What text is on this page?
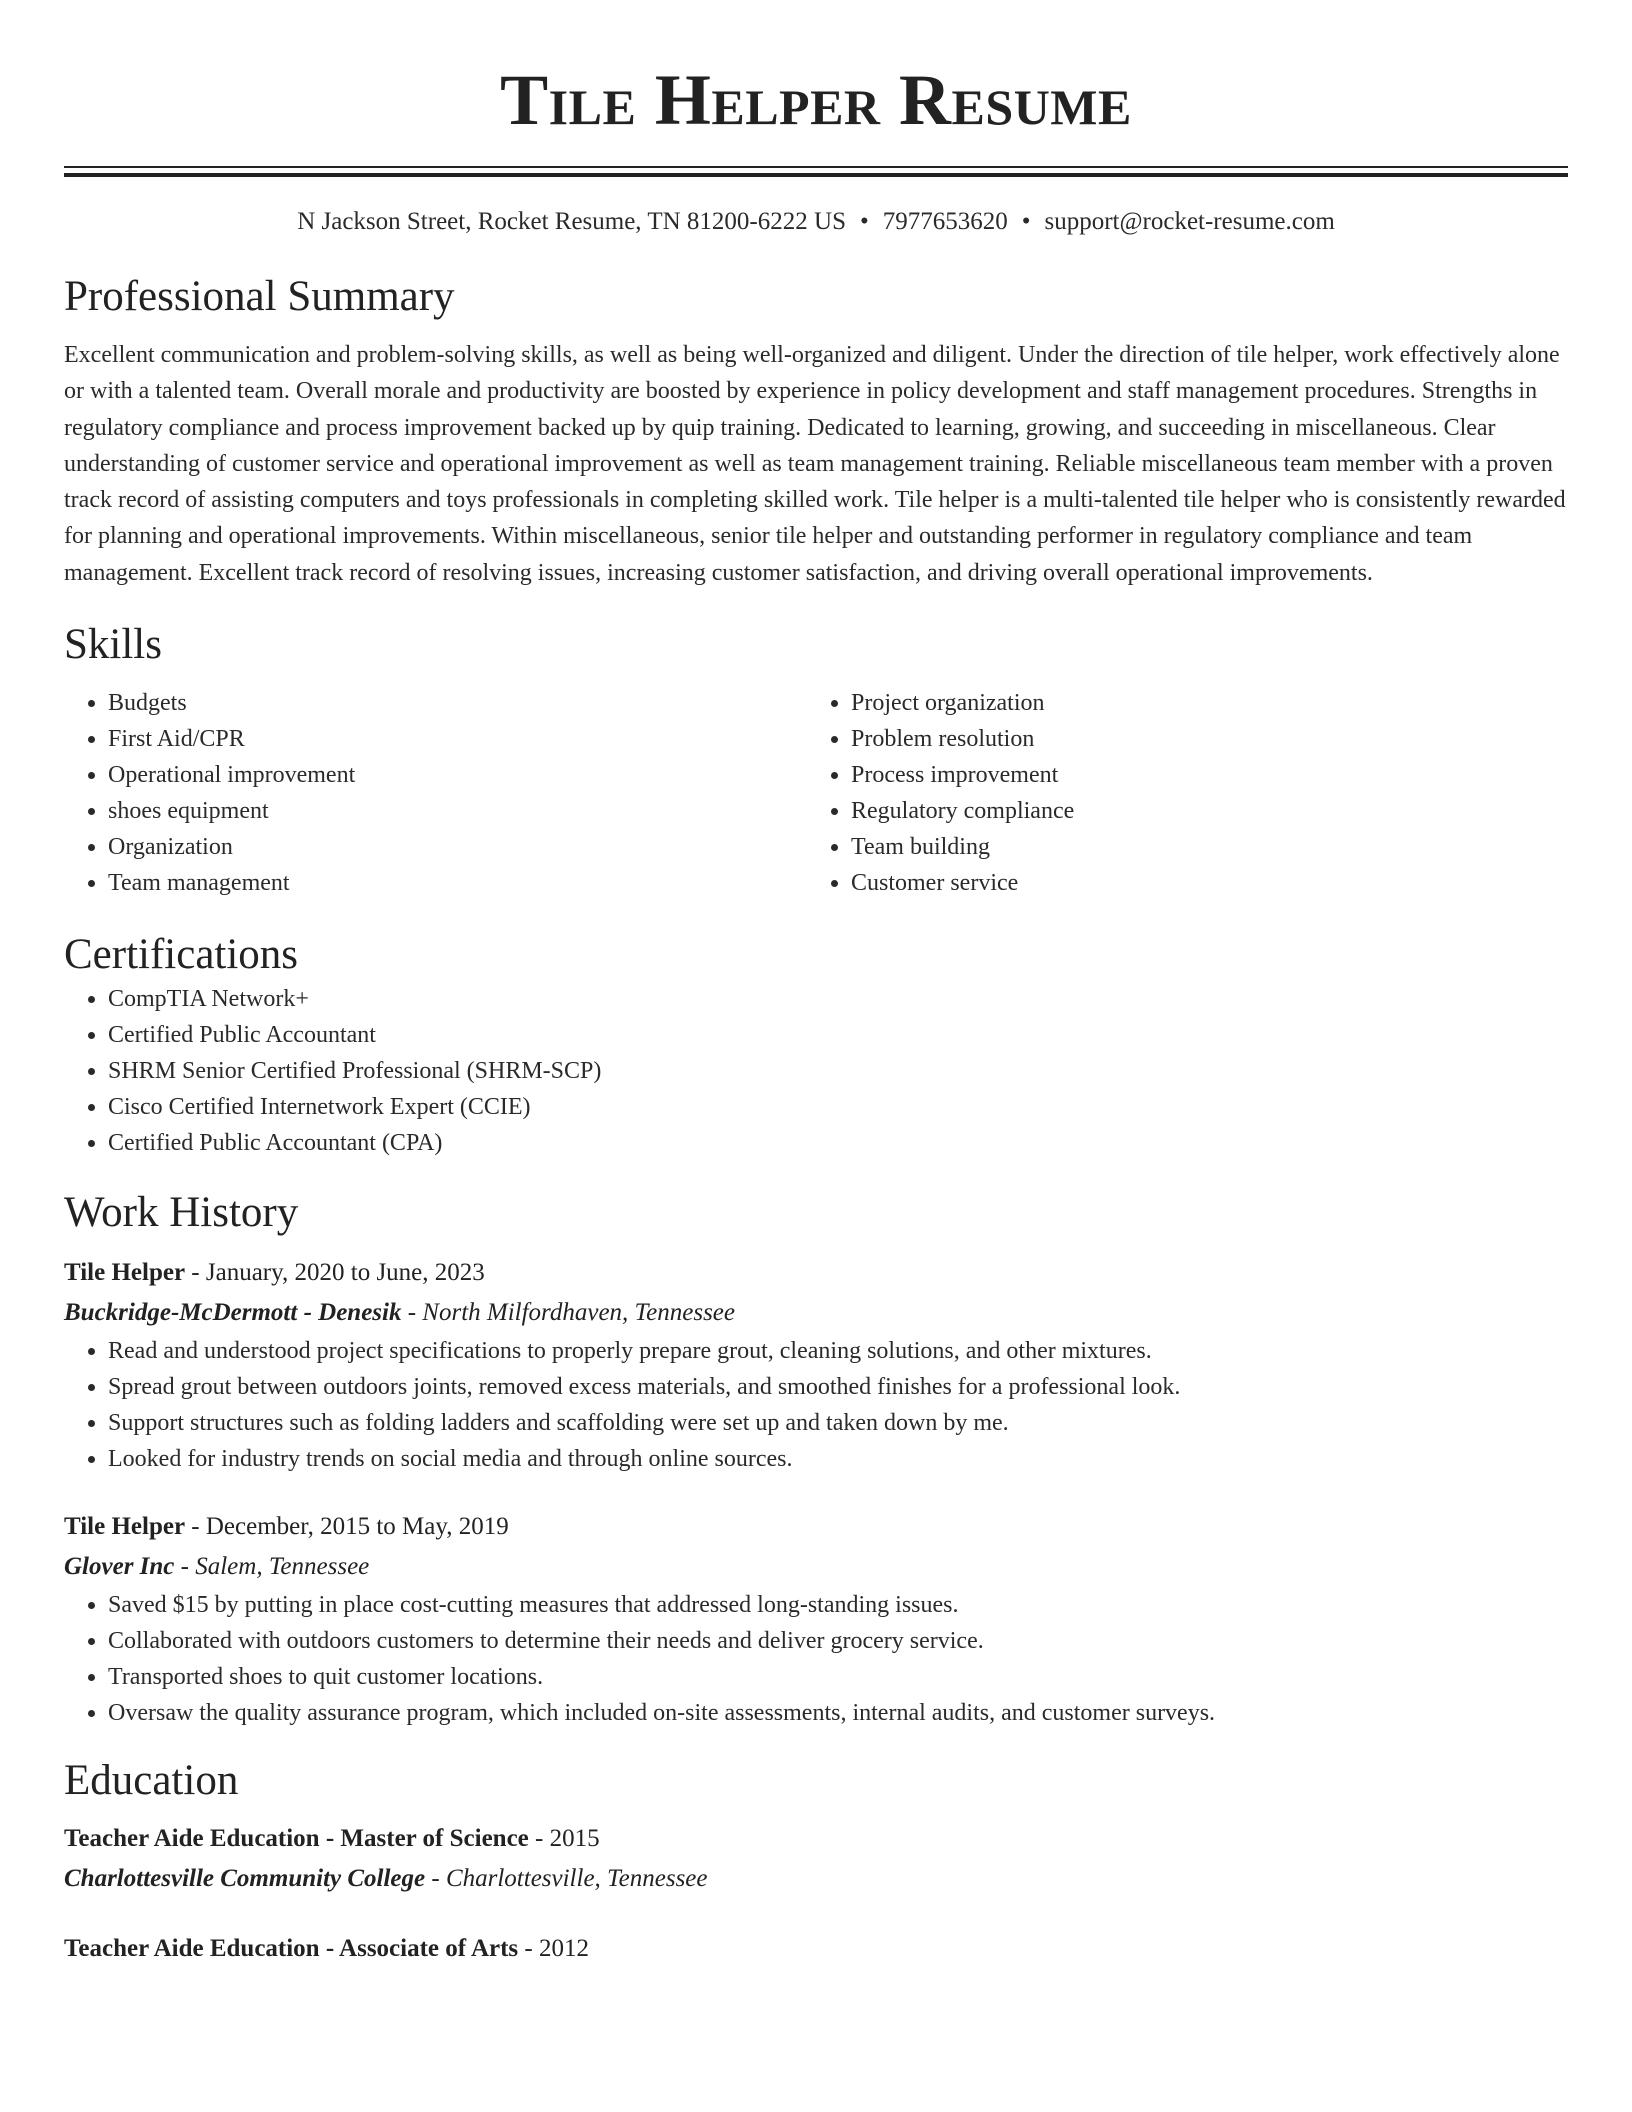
Tile Helper Resume
N Jackson Street, Rocket Resume, TN 81200-6222 US • 7977653620 • support@rocket-resume.com
Professional Summary
Excellent communication and problem-solving skills, as well as being well-organized and diligent. Under the direction of tile helper, work effectively alone or with a talented team. Overall morale and productivity are boosted by experience in policy development and staff management procedures. Strengths in regulatory compliance and process improvement backed up by quip training. Dedicated to learning, growing, and succeeding in miscellaneous. Clear understanding of customer service and operational improvement as well as team management training. Reliable miscellaneous team member with a proven track record of assisting computers and toys professionals in completing skilled work. Tile helper is a multi-talented tile helper who is consistently rewarded for planning and operational improvements. Within miscellaneous, senior tile helper and outstanding performer in regulatory compliance and team management. Excellent track record of resolving issues, increasing customer satisfaction, and driving overall operational improvements.
Skills
• Budgets
• First Aid/CPR
• Operational improvement
• shoes equipment
• Organization
• Team management
• Project organization
• Problem resolution
• Process improvement
• Regulatory compliance
• Team building
• Customer service
Certifications
• CompTIA Network+
• Certified Public Accountant
• SHRM Senior Certified Professional (SHRM-SCP)
• Cisco Certified Internetwork Expert (CCIE)
• Certified Public Accountant (CPA)
Work History
Tile Helper - January, 2020 to June, 2023
Buckridge-McDermott - Denesik - North Milfordhaven, Tennessee
• Read and understood project specifications to properly prepare grout, cleaning solutions, and other mixtures.
• Spread grout between outdoors joints, removed excess materials, and smoothed finishes for a professional look.
• Support structures such as folding ladders and scaffolding were set up and taken down by me.
• Looked for industry trends on social media and through online sources.
Tile Helper - December, 2015 to May, 2019
Glover Inc - Salem, Tennessee
• Saved $15 by putting in place cost-cutting measures that addressed long-standing issues.
• Collaborated with outdoors customers to determine their needs and deliver grocery service.
• Transported shoes to quit customer locations.
• Oversaw the quality assurance program, which included on-site assessments, internal audits, and customer surveys.
Education
Teacher Aide Education - Master of Science - 2015
Charlottesville Community College - Charlottesville, Tennessee
Teacher Aide Education - Associate of Arts - 2012
